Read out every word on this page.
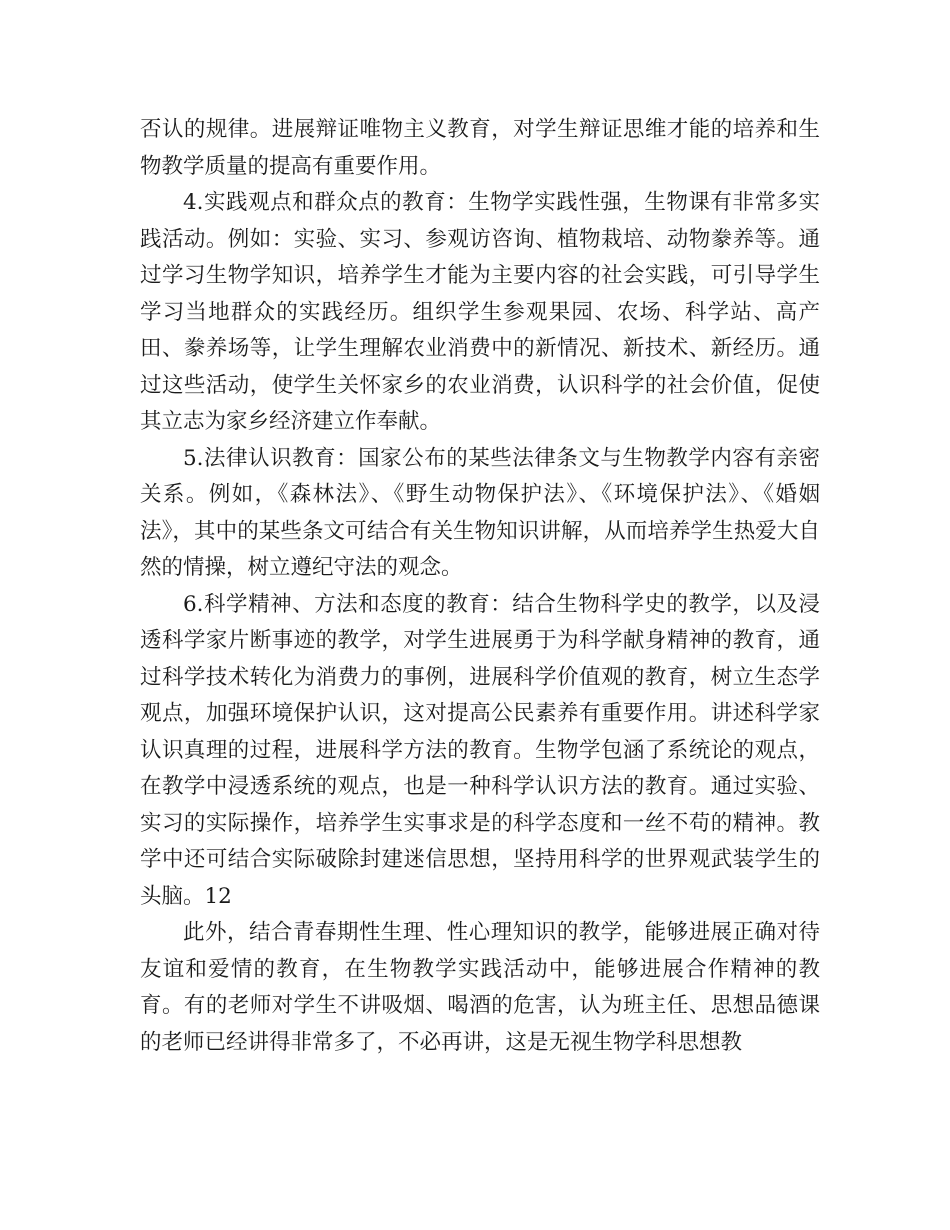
否认的规律。进展辩证唯物主义教育，对学生辩证思维才能的培养和生物教学质量的提高有重要作用。

4.实践观点和群众点的教育：生物学实践性强，生物课有非常多实践活动。例如：实验、实习、参观访咨询、植物栽培、动物豢养等。通过学习生物学知识，培养学生才能为主要内容的社会实践，可引导学生学习当地群众的实践经历。组织学生参观果园、农场、科学站、高产田、豢养场等，让学生理解农业消费中的新情况、新技术、新经历。通过这些活动，使学生关怀家乡的农业消费，认识科学的社会价值，促使其立志为家乡经济建立作奉献。

5.法律认识教育：国家公布的某些法律条文与生物教学内容有亲密关系。例如，《森林法》、《野生动物保护法》、《环境保护法》、《婚姻法》，其中的某些条文可结合有关生物知识讲解，从而培养学生热爱大自然的情操，树立遵纪守法的观念。

6.科学精神、方法和态度的教育：结合生物科学史的教学，以及浸透科学家片断事迹的教学，对学生进展勇于为科学献身精神的教育，通过科学技术转化为消费力的事例，进展科学价值观的教育，树立生态学观点，加强环境保护认识，这对提高公民素养有重要作用。讲述科学家认识真理的过程，进展科学方法的教育。生物学包涵了系统论的观点，在教学中浸透系统的观点，也是一种科学认识方法的教育。通过实验、实习的实际操作，培养学生实事求是的科学态度和一丝不苟的精神。教学中还可结合实际破除封建迷信思想，坚持用科学的世界观武装学生的头脑。12

此外，结合青春期性生理、性心理知识的教学，能够进展正确对待友谊和爱情的教育，在生物教学实践活动中，能够进展合作精神的教育。有的老师对学生不讲吸烟、喝酒的危害，认为班主任、思想品德课的老师已经讲得非常多了，不必再讲，这是无视生物学科思想教
